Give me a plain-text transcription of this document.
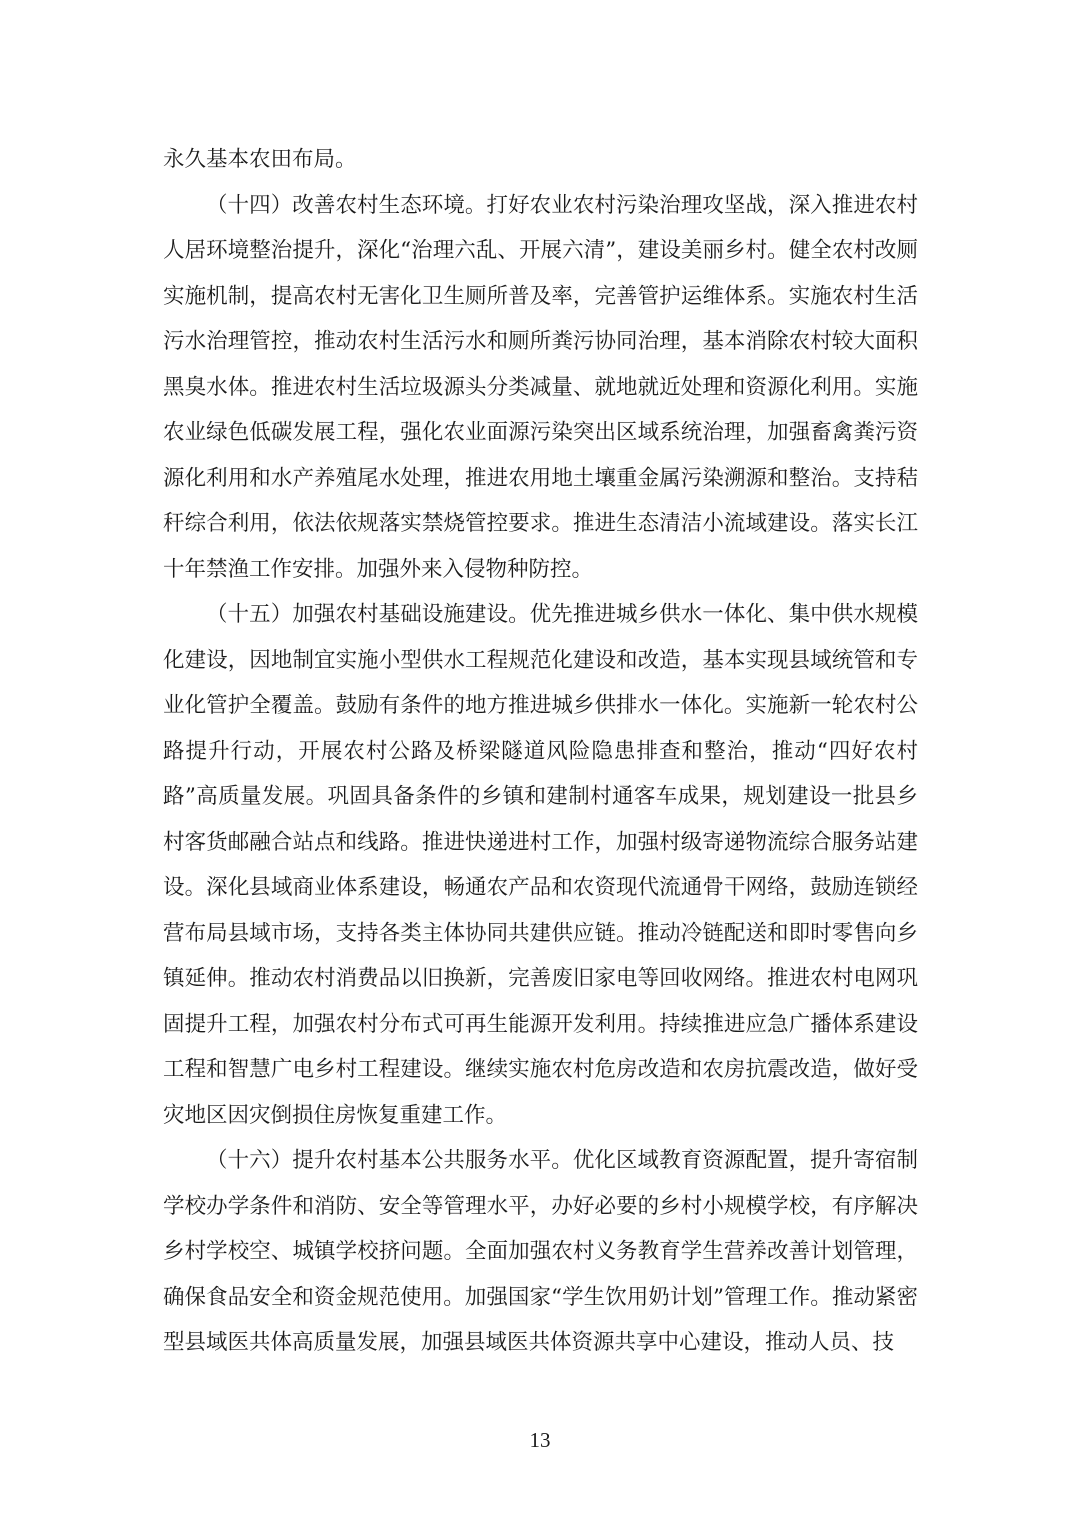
永久基本农田布局。

（十四）改善农村生态环境。打好农业农村污染治理攻坚战，深入推进农村人居环境整治提升，深化“治理六乱、开展六清”，建设美丽乡村。健全农村改厕实施机制，提高农村无害化卫生厕所普及率，完善管护运维体系。实施农村生活污水治理管控，推动农村生活污水和厕所粪污协同治理，基本消除农村较大面积黑臭水体。推进农村生活垃圾源头分类减量、就地就近处理和资源化利用。实施农业绿色低碳发展工程，强化农业面源污染突出区域系统治理，加强畜禽粪污资源化利用和水产养殖尾水处理，推进农用地土壤重金属污染溯源和整治。支持秸秆综合利用，依法依规落实禁烧管控要求。推进生态清洁小流域建设。落实长江十年禁渔工作安排。加强外来入侵物种防控。

（十五）加强农村基础设施建设。优先推进城乡供水一体化、集中供水规模化建设，因地制宜实施小型供水工程规范化建设和改造，基本实现县域统管和专业化管护全覆盖。鼓励有条件的地方推进城乡供排水一体化。实施新一轮农村公路提升行动，开展农村公路及桥梁隧道风险隐患排查和整治，推动“四好农村路”高质量发展。巩固具备条件的乡镇和建制村通客车成果，规划建设一批县乡村客货邮融合站点和线路。推进快递进村工作，加强村级寄递物流综合服务站建设。深化县域商业体系建设，畅通农产品和农资现代流通骨干网络，鼓励连锁经营布局县域市场，支持各类主体协同共建供应链。推动冷链配送和即时零售向乡镇延伸。推动农村消费品以旧换新，完善废旧家电等回收网络。推进农村电网巩固提升工程，加强农村分布式可再生能源开发利用。持续推进应急广播体系建设工程和智慧广电乡村工程建设。继续实施农村危房改造和农房抗震改造，做好受灾地区因灾倒损住房恢复重建工作。

（十六）提升农村基本公共服务水平。优化区域教育资源配置，提升寄宿制学校办学条件和消防、安全等管理水平，办好必要的乡村小规模学校，有序解决乡村学校空、城镇学校挤问题。全面加强农村义务教育学生营养改善计划管理，确保食品安全和资金规范使用。加强国家“学生饮用奶计划”管理工作。推动紧密型县域医共体高质量发展，加强县域医共体资源共享中心建设，推动人员、技

13
